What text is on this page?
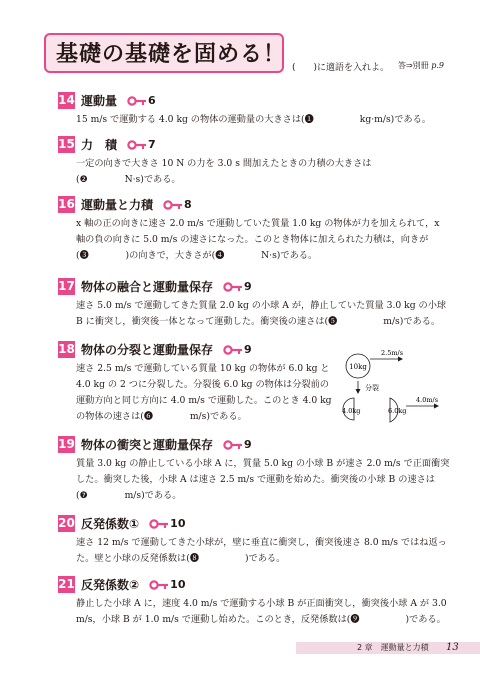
基礎の基礎を固める！
(　　)に適語を入れよ。 答⇒別冊 p.9
14 運動量	6
15 m/s で運動する 4.0 kg の物体の運動量の大きさは(❶　　　　　kg·m/s)である。
15 力　積	7
一定の向きで大きさ 10 N の力を 3.0 s 間加えたときの力積の大きさは
(❷　　　　N·s)である。
16 運動量と力積	8
x 軸の正の向きに速さ 2.0 m/s で運動していた質量 1.0 kg の物体が力を加えられて，x
軸の負の向きに 5.0 m/s の速さになった。このとき物体に加えられた力積は，向きが
(❸　　　　)の向きで，大きさが(❹　　　　N·s)である。
17 物体の融合と運動量保存	9
速さ 5.0 m/s で運動してきた質量 2.0 kg の小球 A が，静止していた質量 3.0 kg の小球
B に衝突し，衝突後一体となって運動した。衝突後の速さは(❺　　　　　m/s)である。
18 物体の分裂と運動量保存	9
速さ 2.5 m/s で運動している質量 10 kg の物体が 6.0 kg と
4.0 kg の 2 つに分裂した。分裂後 6.0 kg の物体は分裂前の
運動方向と同じ方向に 4.0 m/s で運動した。このとき 4.0 kg
の物体の速さは(❻　　　　m/s)である。
19 物体の衝突と運動量保存	9
質量 3.0 kg の静止している小球 A に，質量 5.0 kg の小球 B が速さ 2.0 m/s で正面衝突
した。衝突した後，小球 A は速さ 2.5 m/s で運動を始めた。衝突後の小球 B の速さは
(❼　　　　m/s)である。
20 反発係数①	10
速さ 12 m/s で運動してきた小球が，壁に垂直に衝突し，衝突後速さ 8.0 m/s ではね返っ
た。壁と小球の反発係数は(❽　　　　　)である。
21 反発係数②	10
静止した小球 A に，速度 4.0 m/s で運動する小球 B が正面衝突し，衝突後小球 A が 3.0
m/s，小球 B が 1.0 m/s で運動し始めた。このとき，反発係数は(❾　　　　　)である。
10kg
2.5m/s
分裂
4.0kg	6.0kg
4.0m/s
2 章　運動量と力積 13
